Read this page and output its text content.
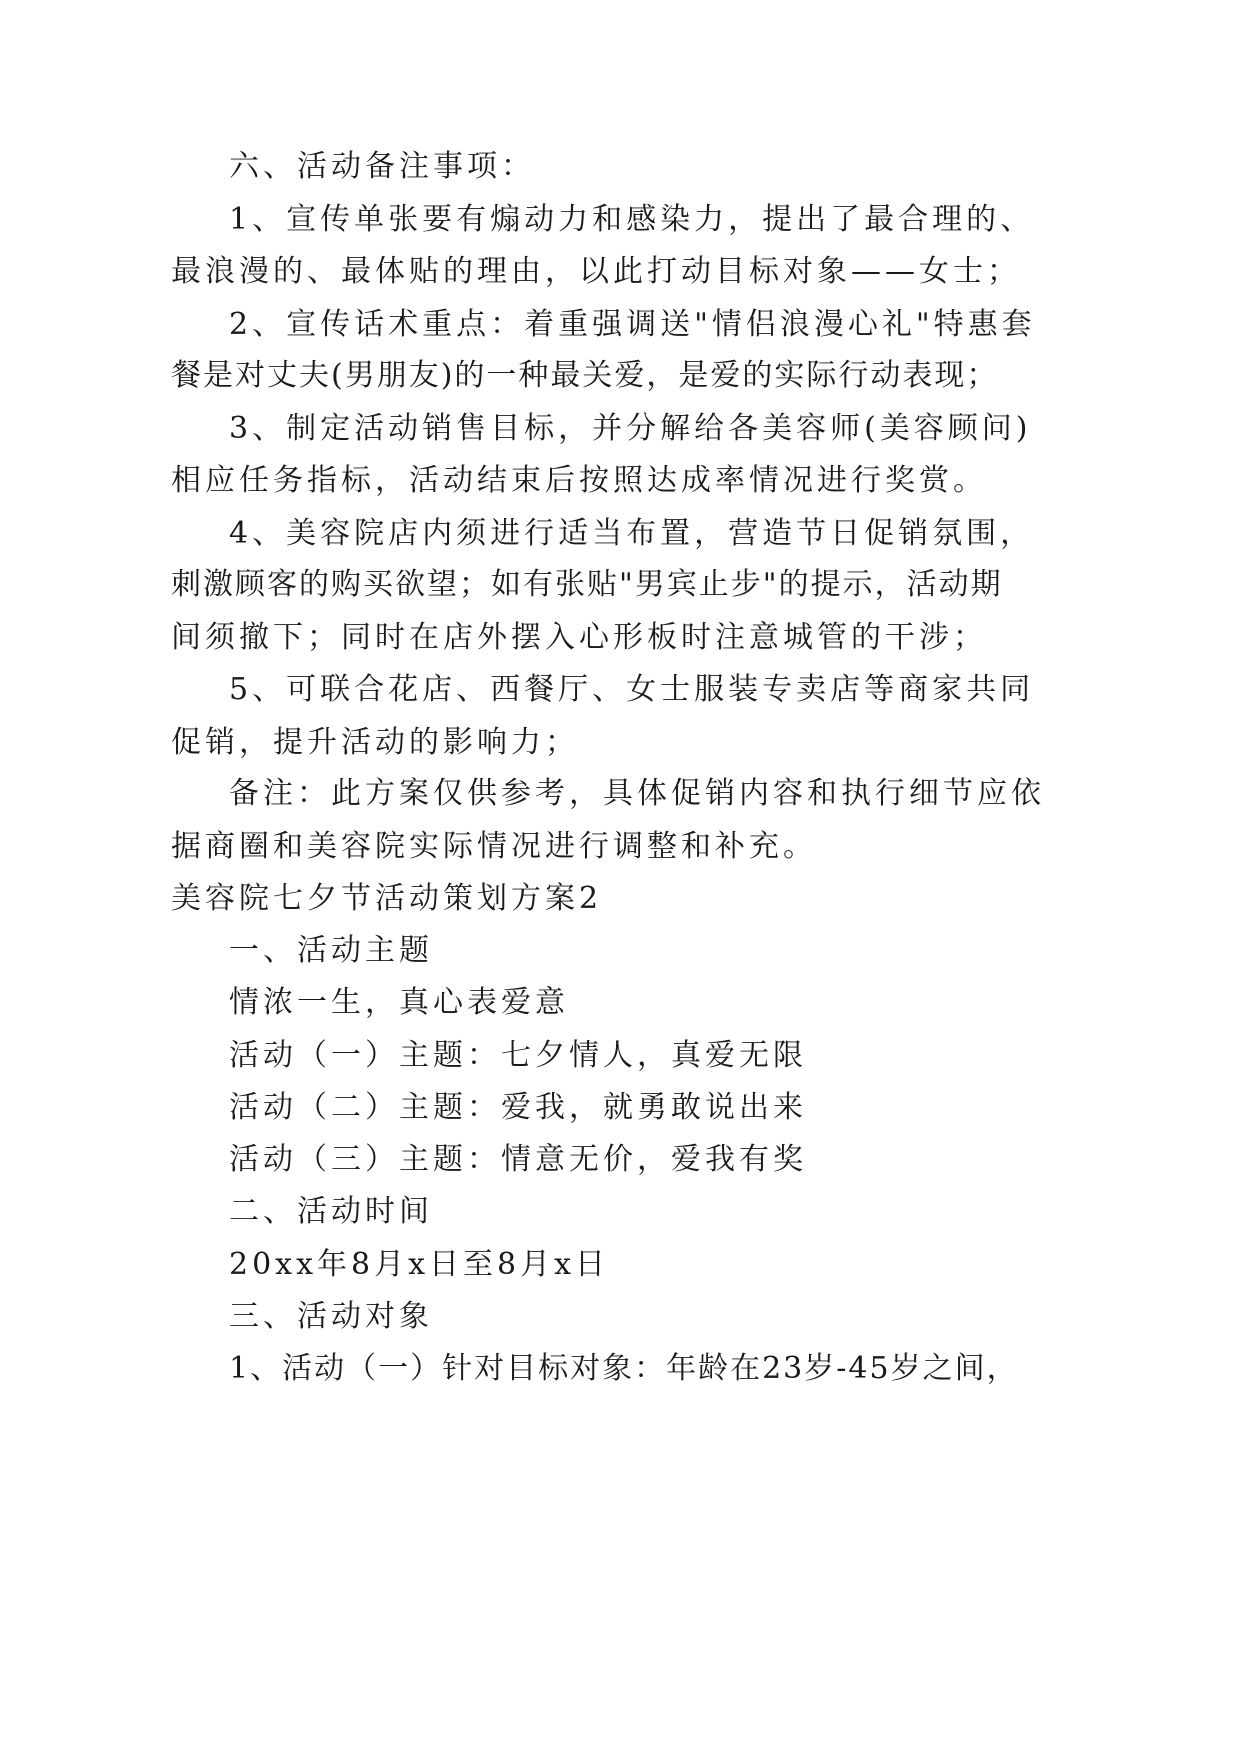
六、活动备注事项：
1、宣传单张要有煽动力和感染力，提出了最合理的、
最浪漫的、最体贴的理由，以此打动目标对象——女士；
2、宣传话术重点：着重强调送"情侣浪漫心礼"特惠套
餐是对丈夫(男朋友)的一种最关爱，是爱的实际行动表现；
3、制定活动销售目标，并分解给各美容师(美容顾问)
相应任务指标，活动结束后按照达成率情况进行奖赏。
4、美容院店内须进行适当布置，营造节日促销氛围，
刺激顾客的购买欲望；如有张贴"男宾止步"的提示，活动期
间须撤下；同时在店外摆入心形板时注意城管的干涉；
5、可联合花店、西餐厅、女士服装专卖店等商家共同
促销，提升活动的影响力；
备注：此方案仅供参考，具体促销内容和执行细节应依
据商圈和美容院实际情况进行调整和补充。
美容院七夕节活动策划方案2
一、活动主题
情浓一生，真心表爱意
活动（一）主题：七夕情人，真爱无限
活动（二）主题：爱我，就勇敢说出来
活动（三）主题：情意无价，爱我有奖
二、活动时间
20xx年8月x日至8月x日
三、活动对象
1、活动（一）针对目标对象：年龄在23岁-45岁之间，
